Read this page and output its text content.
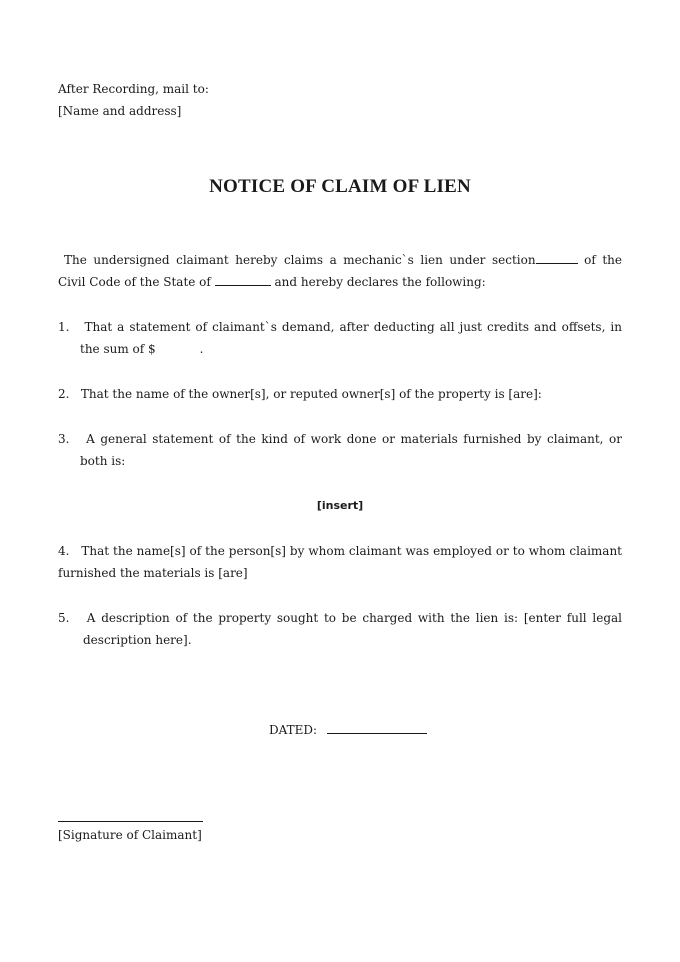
After Recording, mail to:
[Name and address]
NOTICE OF CLAIM OF LIEN
The undersigned claimant hereby claims a mechanic`s lien under section	of the Civil Code of the State of	and hereby declares the following:
1. That a statement of claimant`s demand, after deducting all just credits and offsets, in the sum of $	.
2. That the name of the owner[s], or reputed owner[s] of the property is [are]:
3. A general statement of the kind of work done or materials furnished by claimant, or both is:
[insert]
4. That the name[s] of the person[s] by whom claimant was employed or to whom claimant furnished the materials is [are]
5. A description of the property sought to be charged with the lien is: [enter full legal description here].
DATED:
[Signature of Claimant]
